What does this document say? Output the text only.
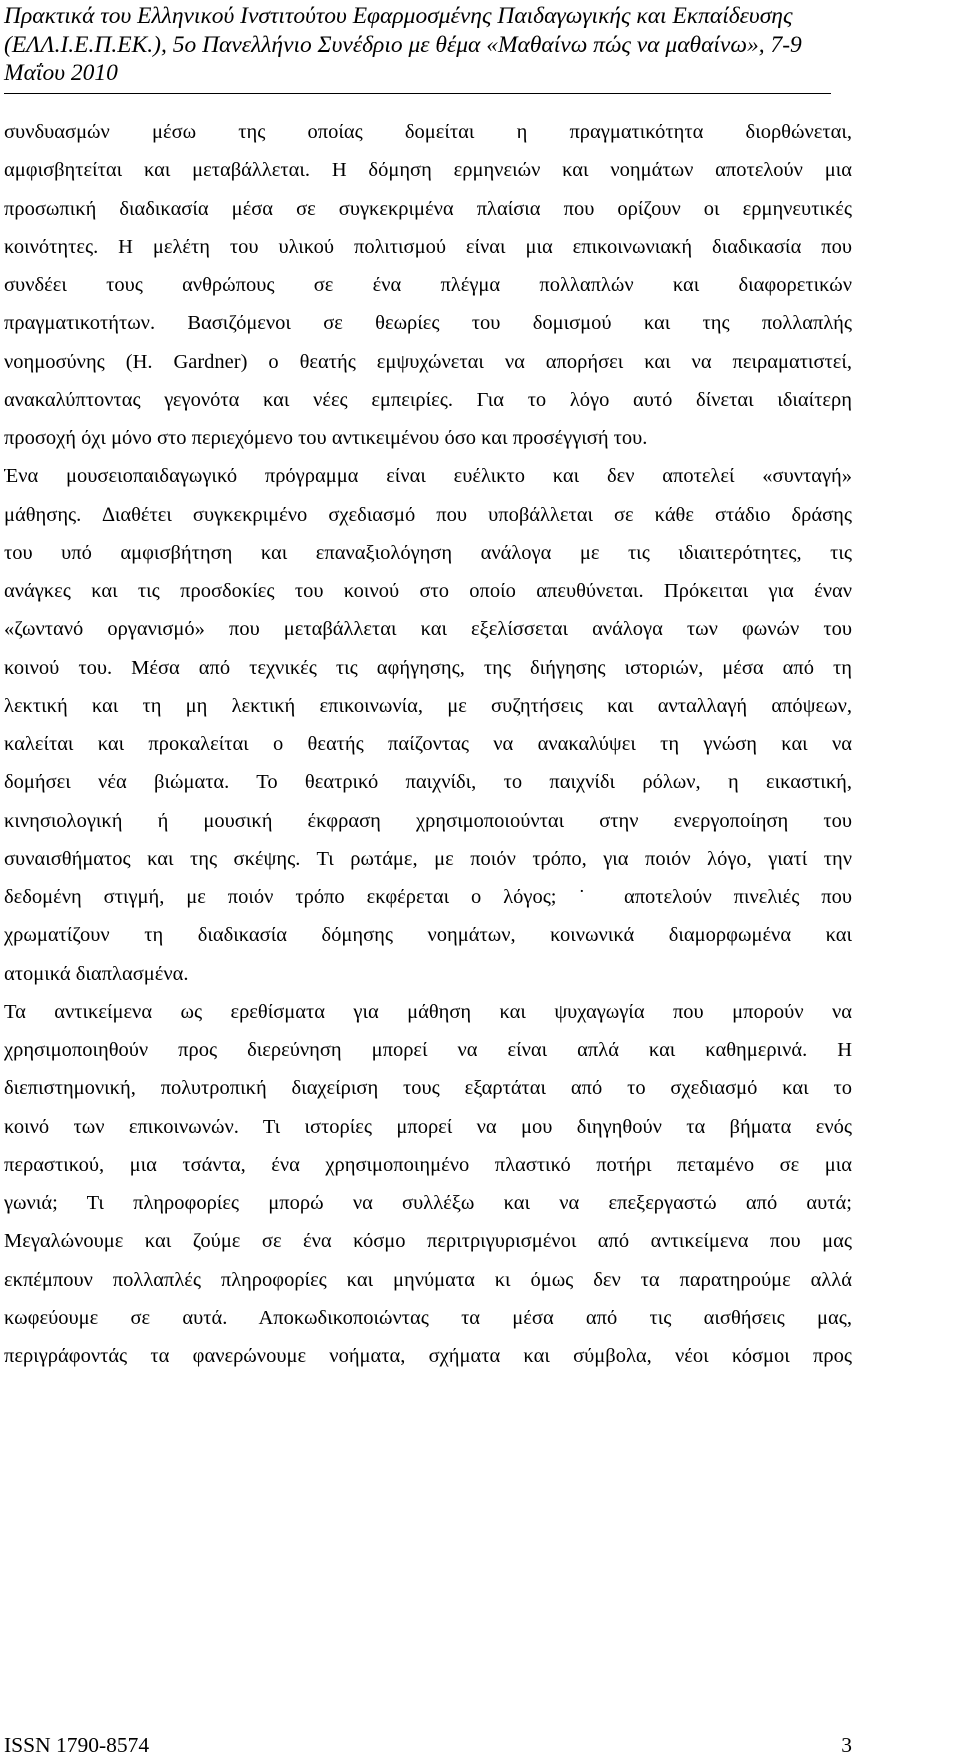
Πρακτικά του Ελληνικού Ινστιτούτου Εφαρμοσμένης Παιδαγωγικής και Εκπαίδευσης
(ΕΛΛ.Ι.Ε.Π.ΕΚ.), 5ο Πανελλήνιο Συνέδριο με θέμα «Μαθαίνω πώς να μαθαίνω», 7-9
Μαΐου 2010
συνδυασμών μέσω της οποίας δομείται η πραγματικότητα διορθώνεται,
αμφισβητείται και μεταβάλλεται. Η δόμηση ερμηνειών και νοημάτων αποτελούν μια
προσωπική διαδικασία μέσα σε συγκεκριμένα πλαίσια που ορίζουν οι ερμηνευτικές
κοινότητες. Η μελέτη του υλικού πολιτισμού είναι μια επικοινωνιακή διαδικασία που
συνδέει τους ανθρώπους σε ένα πλέγμα πολλαπλών και διαφορετικών
πραγματικοτήτων. Βασιζόμενοι σε θεωρίες του δομισμού και της πολλαπλής
νοημοσύνης (H. Gardner) ο θεατής εμψυχώνεται να απορήσει και να πειραματιστεί,
ανακαλύπτοντας γεγονότα και νέες εμπειρίες. Για το λόγο αυτό δίνεται ιδιαίτερη
προσοχή όχι μόνο στο περιεχόμενο του αντικειμένου όσο και προσέγγισή του.
Ένα μουσειοπαιδαγωγικό πρόγραμμα είναι ευέλικτο και δεν αποτελεί «συνταγή»
μάθησης. ∆ιαθέτει συγκεκριμένο σχεδιασμό που υποβάλλεται σε κάθε στάδιο δράσης
του υπό αμφισβήτηση και επαναξιολόγηση ανάλογα με τις ιδιαιτερότητες, τις
ανάγκες και τις προσδοκίες του κοινού στο οποίο απευθύνεται. Πρόκειται για έναν
«ζωντανό οργανισμό» που μεταβάλλεται και εξελίσσεται ανάλογα των φωνών του
κοινού του. Μέσα από τεχνικές τις αφήγησης, της διήγησης ιστοριών, μέσα από τη
λεκτική και τη μη λεκτική επικοινωνία, με συζητήσεις και ανταλλαγή απόψεων,
καλείται και προκαλείται ο θεατής παίζοντας να ανακαλύψει τη γνώση και να
δομήσει νέα βιώματα. Το θεατρικό παιχνίδι, το παιχνίδι ρόλων, η εικαστική,
κινησιολογική ή μουσική έκφραση χρησιμοποιούνται στην ενεργοποίηση του
συναισθήματος και της σκέψης. Τι ρωτάμε, με ποιόν τρόπο, για ποιόν λόγο, γιατί την
δεδομένη στιγμή, με ποιόν τρόπο εκφέρεται ο λόγος; ˙ αποτελούν πινελιές που
χρωματίζουν τη διαδικασία δόμησης νοημάτων, κοινωνικά διαμορφωμένα και
ατομικά διαπλασμένα.
Τα αντικείμενα ως ερεθίσματα για μάθηση και ψυχαγωγία που μπορούν να
χρησιμοποιηθούν προς διερεύνηση μπορεί να είναι απλά και καθημερινά. Η
διεπιστημονική, πολυτροπική διαχείριση τους εξαρτάται από το σχεδιασμό και το
κοινό των επικοινωνών. Τι ιστορίες μπορεί να μου διηγηθούν τα βήματα ενός
περαστικού, μια τσάντα, ένα χρησιμοποιημένο πλαστικό ποτήρι πεταμένο σε μια
γωνιά; Τι πληροφορίες μπορώ να συλλέξω και να επεξεργαστώ από αυτά;
Μεγαλώνουμε και ζούμε σε ένα κόσμο περιτριγυρισμένοι από αντικείμενα που μας
εκπέμπουν πολλαπλές πληροφορίες και μηνύματα κι όμως δεν τα παρατηρούμε αλλά
κωφεύουμε σε αυτά. Αποκωδικοποιώντας τα μέσα από τις αισθήσεις μας,
περιγράφοντάς τα φανερώνουμε νοήματα, σχήματα και σύμβολα, νέοι κόσμοι προς
ISSN 1790-8574	3
